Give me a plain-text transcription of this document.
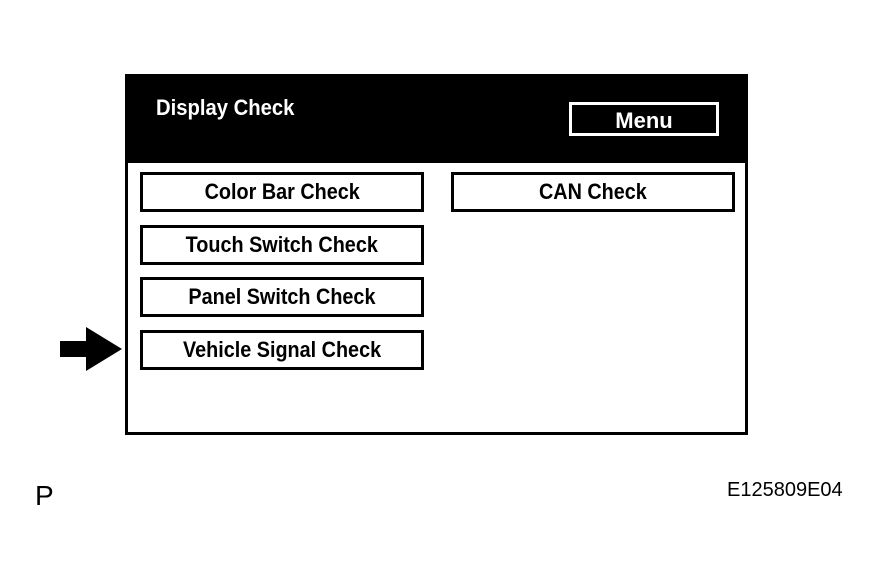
Display Check
Menu
Color Bar Check
Touch Switch Check
Panel Switch Check
Vehicle Signal Check
CAN Check
P	E125809E04
